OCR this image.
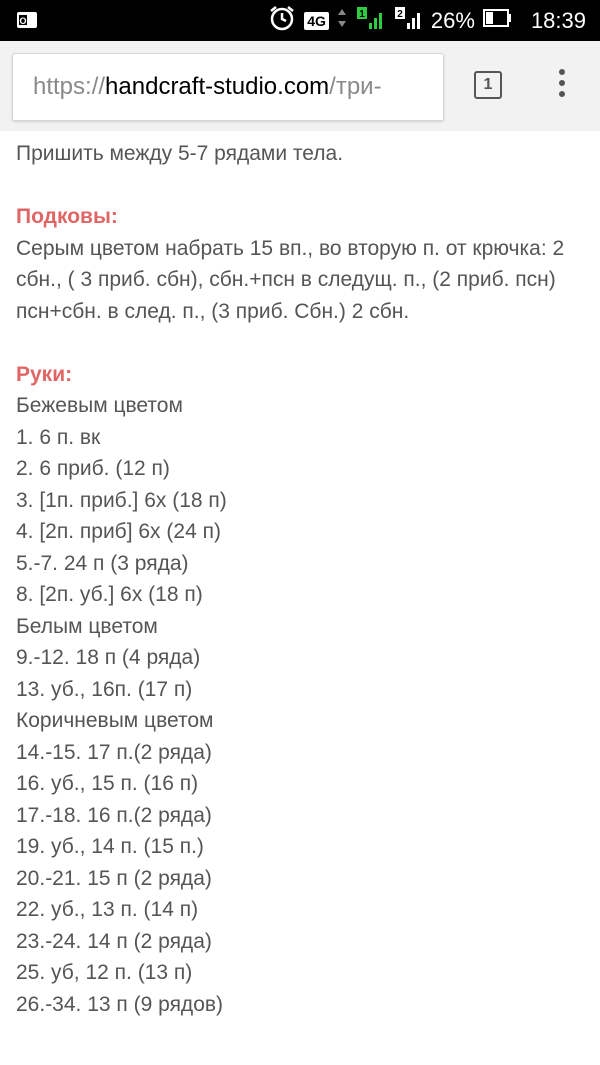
O	4G	1	2 26%	18:39
https://handcraft-studio.com/три-	1
Пришить между 5-7 рядами тела.
Подковы:
Серым цветом набрать 15 вп., во вторую п. от крючка: 2 сбн., ( 3 приб. сбн), сбн.+псн в следущ. п., (2 приб. псн) псн+сбн. в след. п., (3 приб. Сбн.) 2 сбн.
Руки:
Бежевым цветом
1. 6 п. вк
2. 6 приб. (12 п)
3. [1п. приб.] 6х (18 п)
4. [2п. приб] 6х (24 п)
5.-7. 24 п (3 ряда)
8. [2п. уб.] 6х (18 п)
Белым цветом
9.-12. 18 п (4 ряда)
13. уб., 16п. (17 п)
Коричневым цветом
14.-15. 17 п.(2 ряда)
16. уб., 15 п. (16 п)
17.-18. 16 п.(2 ряда)
19. уб., 14 п. (15 п.)
20.-21. 15 п (2 ряда)
22. уб., 13 п. (14 п)
23.-24. 14 п (2 ряда)
25. уб, 12 п. (13 п)
26.-34. 13 п (9 рядов)
